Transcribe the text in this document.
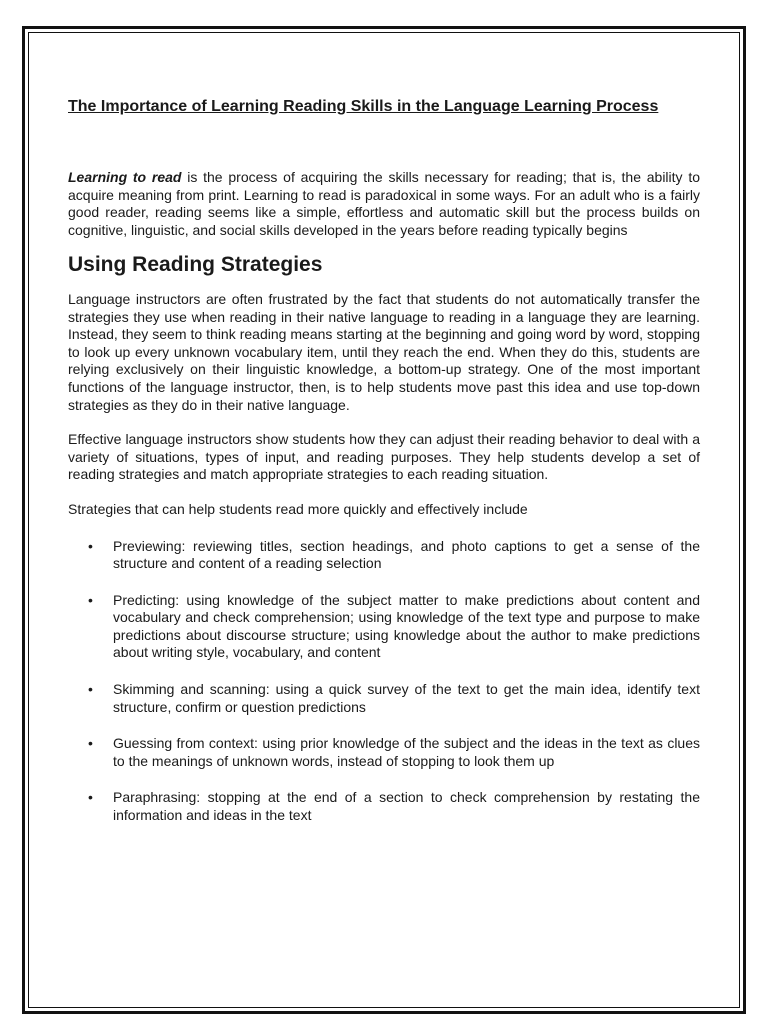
The Importance of Learning Reading Skills in the Language Learning Process

Learning to read is the process of acquiring the skills necessary for reading; that is, the ability to acquire meaning from print. Learning to read is paradoxical in some ways. For an adult who is a fairly good reader, reading seems like a simple, effortless and automatic skill but the process builds on cognitive, linguistic, and social skills developed in the years before reading typically begins

Using Reading Strategies

Language instructors are often frustrated by the fact that students do not automatically transfer the strategies they use when reading in their native language to reading in a language they are learning. Instead, they seem to think reading means starting at the beginning and going word by word, stopping to look up every unknown vocabulary item, until they reach the end. When they do this, students are relying exclusively on their linguistic knowledge, a bottom-up strategy. One of the most important functions of the language instructor, then, is to help students move past this idea and use top-down strategies as they do in their native language.

Effective language instructors show students how they can adjust their reading behavior to deal with a variety of situations, types of input, and reading purposes. They help students develop a set of reading strategies and match appropriate strategies to each reading situation.

Strategies that can help students read more quickly and effectively include

• Previewing: reviewing titles, section headings, and photo captions to get a sense of the structure and content of a reading selection
• Predicting: using knowledge of the subject matter to make predictions about content and vocabulary and check comprehension; using knowledge of the text type and purpose to make predictions about discourse structure; using knowledge about the author to make predictions about writing style, vocabulary, and content
• Skimming and scanning: using a quick survey of the text to get the main idea, identify text structure, confirm or question predictions
• Guessing from context: using prior knowledge of the subject and the ideas in the text as clues to the meanings of unknown words, instead of stopping to look them up
• Paraphrasing: stopping at the end of a section to check comprehension by restating the information and ideas in the text
